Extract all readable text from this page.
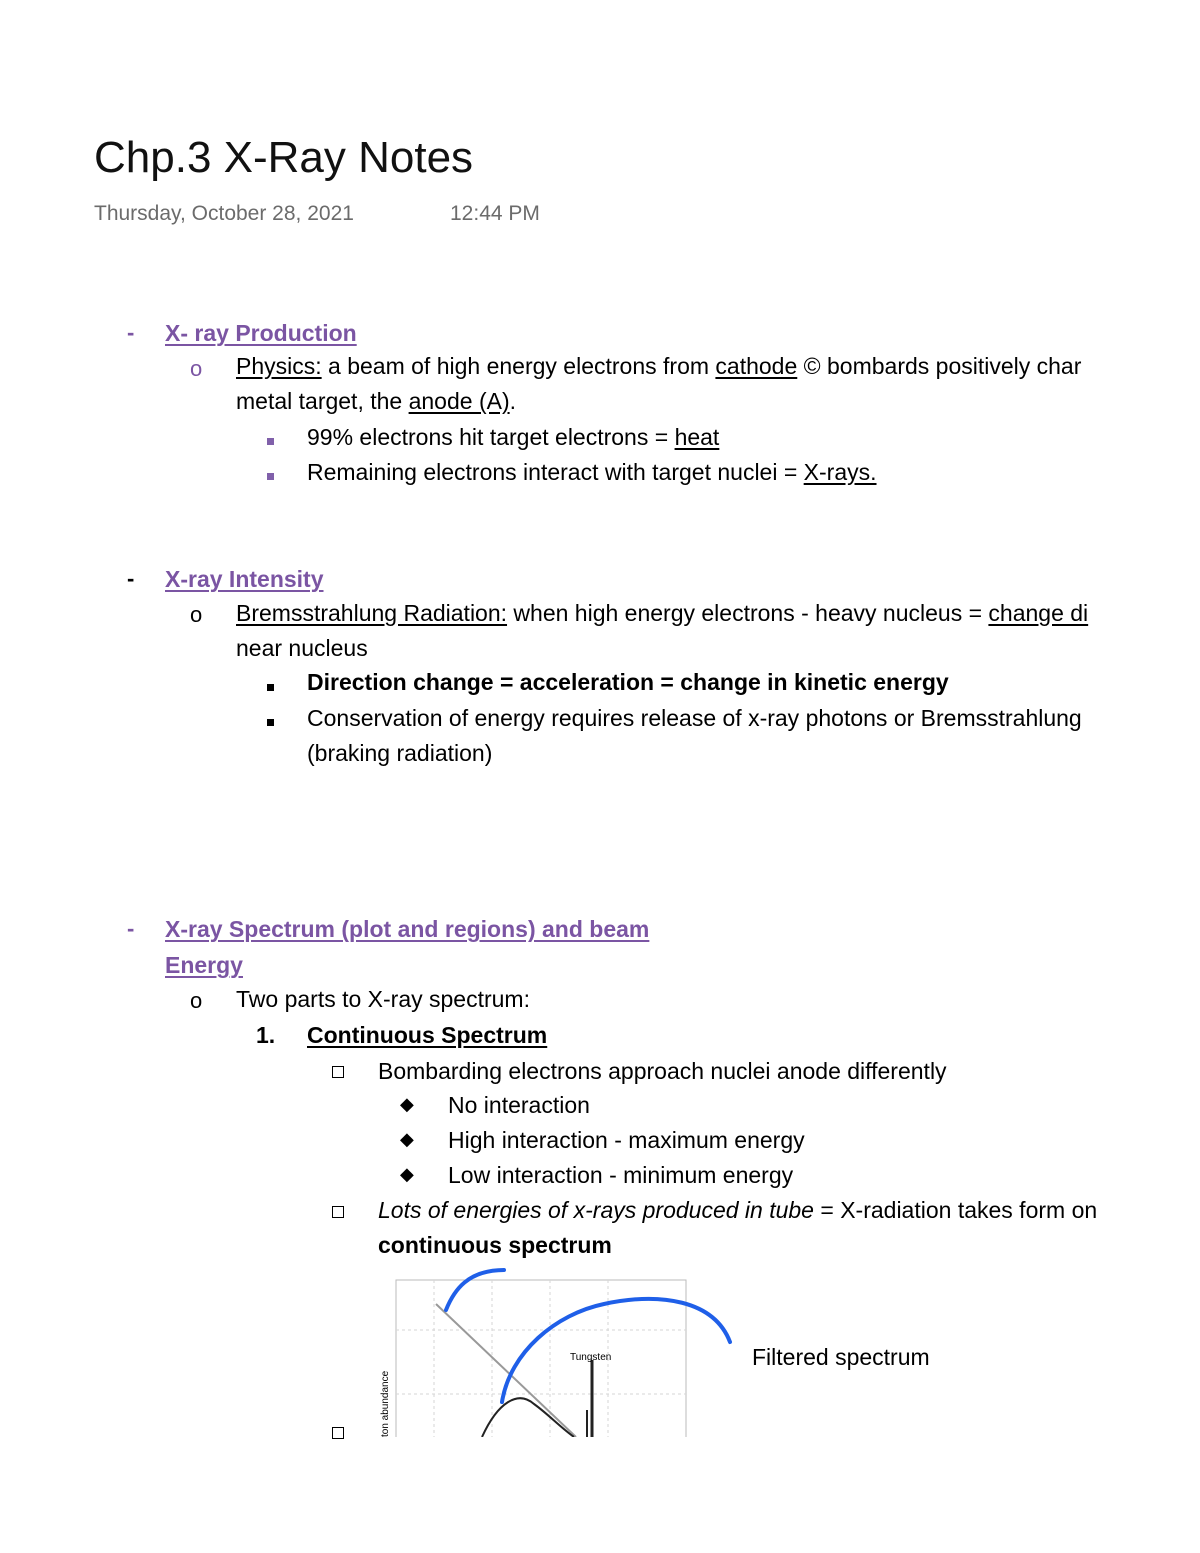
Chp.3 X-Ray Notes
Thursday, October 28, 2021	12:44 PM
- X- ray Production
o Physics: a beam of high energy electrons from cathode © bombards positively char
metal target, the anode (A).
99% electrons hit target electrons = heat
Remaining electrons interact with target nuclei = X-rays.
- X-ray Intensity
o Bremsstrahlung Radiation: when high energy electrons - heavy nucleus = change di
near nucleus
Direction change = acceleration = change in kinetic energy
Conservation of energy requires release of x-ray photons or Bremsstrahlung
(braking radiation)
- X-ray Spectrum (plot and regions) and beam
Energy
o Two parts to X-ray spectrum:
1. Continuous Spectrum
Bombarding electrons approach nuclei anode differently
◆ No interaction
◆ High interaction - maximum energy
◆ Low interaction - minimum energy
Lots of energies of x-rays produced in tube = X-radiation takes form on
continuous spectrum
Tungsten
ton abundance
Filtered spectrum
